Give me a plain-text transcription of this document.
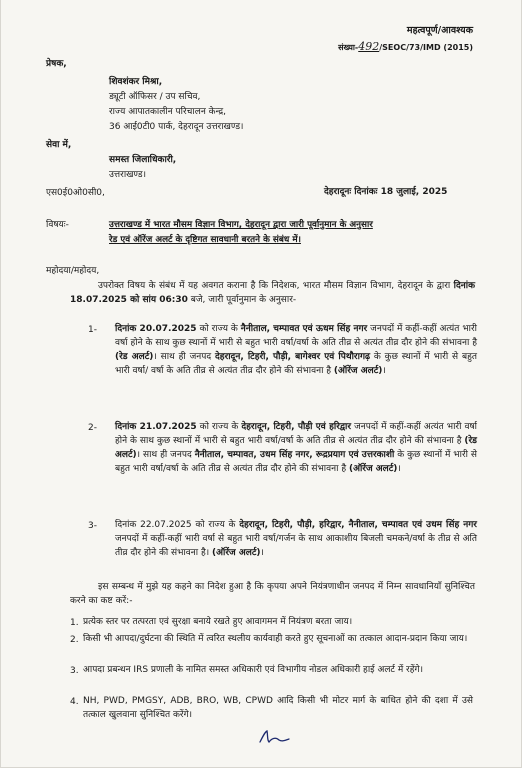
महत्वपूर्ण/आवश्यक
संख्या-492/SEOC/73/IMD (2015)
प्रेषक,
शिवशंकर मिश्रा,
ड्यूटी ऑफिसर / उप सचिव,
राज्य आपातकालीन परिचालन केन्द्र,
36 आई0टी0 पार्क, देहरादून उत्तराखण्ड।
सेवा में,
समस्त जिलाधिकारी,
उत्तराखण्ड।
एस0ई0ओ0सी0,	देहरादूनः दिनांकः 18 जुलाई, 2025
विषयः-	उत्तराखण्ड में भारत मौसम विज्ञान विभाग, देहरादून द्वारा जारी पूर्वानुमान के अनुसार
रेड एवं ऑरेंज अलर्ट के दृष्टिगत सावधानी बरतने के संबंध में।
महोदया/महोदय,
उपरोक्त विषय के संबंध में यह अवगत कराना है कि निदेशक, भारत मौसम विज्ञान विभाग, देहरादून के द्वारा दिनांक 18.07.2025 को सांय 06:30 बजे, जारी पूर्वानुमान के अनुसार-
1- दिनांक 20.07.2025 को राज्य के नैनीताल, चम्पावत एवं ऊधम सिंह नगर जनपदों में कहीं-कहीं अत्यंत भारी वर्षा होने के साथ कुछ स्थानों में भारी से बहुत भारी वर्षा/वर्षा के अति तीव्र से अत्यंत तीव्र दौर होने की संभावना है (रेड अलर्ट)। साथ ही जनपद देहरादून, टिहरी, पौड़ी, बागेश्वर एवं पिथौरागढ़ के कुछ स्थानों में भारी से बहुत भारी वर्षा/ वर्षा के अति तीव्र से अत्यंत तीव्र दौर होने की संभावना है (ऑरेंज अलर्ट)।
2- दिनांक 21.07.2025 को राज्य के देहरादून, टिहरी, पौड़ी एवं हरिद्वार जनपदों में कहीं-कहीं अत्यंत भारी वर्षा होने के साथ कुछ स्थानों में भारी से बहुत भारी वर्षा/वर्षा के अति तीव्र से अत्यंत तीव्र दौर होने की संभावना है (रेड अलर्ट)। साथ ही जनपद नैनीताल, चम्पावत, उधम सिंह नगर, रूद्रप्रयाग एवं उत्तरकाशी के कुछ स्थानों में भारी से बहुत भारी वर्षा/वर्षा के अति तीव्र से अत्यंत तीव्र दौर होने की संभावना है (ऑरेंज अलर्ट)।
3- दिनांक 22.07.2025 को राज्य के देहरादून, टिहरी, पौड़ी, हरिद्वार, नैनीताल, चम्पावत एवं उधम सिंह नगर जनपदों में कहीं-कहीं भारी वर्षा से बहुत भारी वर्षा/गर्जन के साथ आकाशीय बिजली चमकने/वर्षा के तीव्र से अति तीव्र दौर होने की संभावना है। (ऑरेंज अलर्ट)।
इस सम्बन्ध में मुझे यह कहने का निदेश हुआ है कि कृपया अपने नियंत्रणाधीन जनपद में निम्न सावधानियाँ सुनिश्चित करने का कष्ट करें:-
1. प्रत्येक स्तर पर तत्परता एवं सुरक्षा बनाये रखते हुए आवागमन में नियंत्रण बरता जाय।
2. किसी भी आपदा/दुर्घटना की स्थिति में त्वरित स्थलीय कार्यवाही करते हुए सूचनाओं का तत्काल आदान-प्रदान किया जाय।
3. आपदा प्रबन्धन IRS प्रणाली के नामित समस्त अधिकारी एवं विभागीय नोडल अधिकारी हाई अलर्ट में रहेंगे।
4. NH, PWD, PMGSY, ADB, BRO, WB, CPWD आदि किसी भी मोटर मार्ग के बाधित होने की दशा में उसे तत्काल खुलवाना सुनिश्चित करेंगे।
